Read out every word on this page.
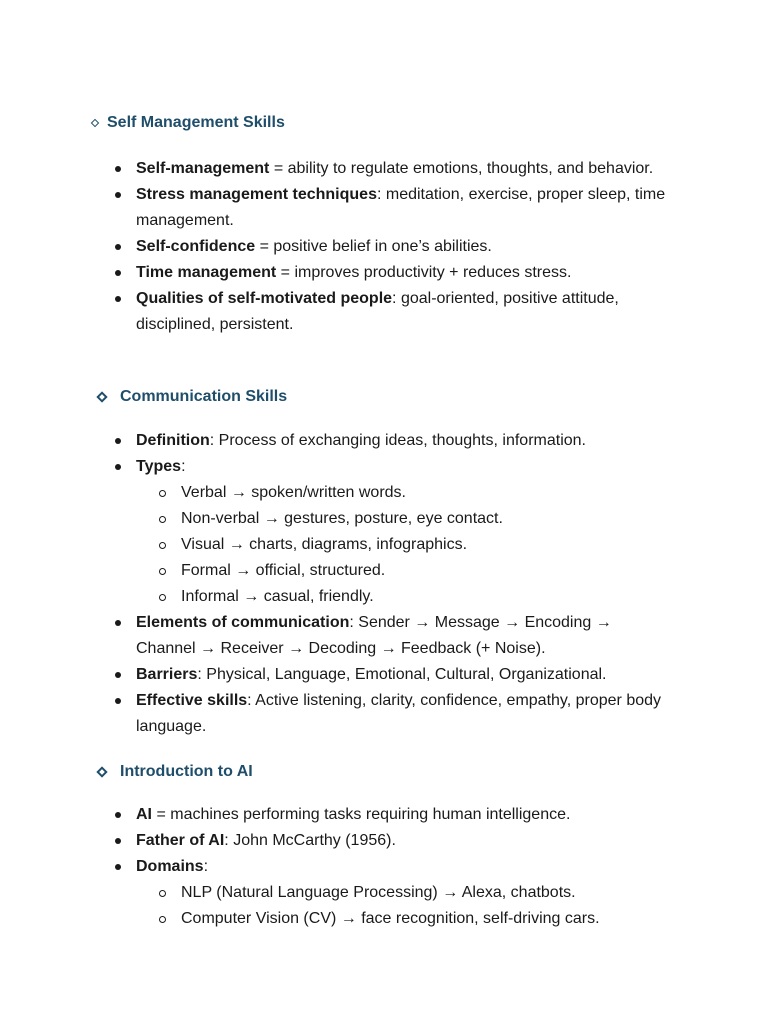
Self Management Skills
Self-management = ability to regulate emotions, thoughts, and behavior.
Stress management techniques: meditation, exercise, proper sleep, time management.
Self-confidence = positive belief in one’s abilities.
Time management = improves productivity + reduces stress.
Qualities of self-motivated people: goal-oriented, positive attitude, disciplined, persistent.
Communication Skills
Definition: Process of exchanging ideas, thoughts, information.
Types:
Verbal → spoken/written words.
Non-verbal → gestures, posture, eye contact.
Visual → charts, diagrams, infographics.
Formal → official, structured.
Informal → casual, friendly.
Elements of communication: Sender → Message → Encoding → Channel → Receiver → Decoding → Feedback (+ Noise).
Barriers: Physical, Language, Emotional, Cultural, Organizational.
Effective skills: Active listening, clarity, confidence, empathy, proper body language.
Introduction to AI
AI = machines performing tasks requiring human intelligence.
Father of AI: John McCarthy (1956).
Domains:
NLP (Natural Language Processing) → Alexa, chatbots.
Computer Vision (CV) → face recognition, self-driving cars.
